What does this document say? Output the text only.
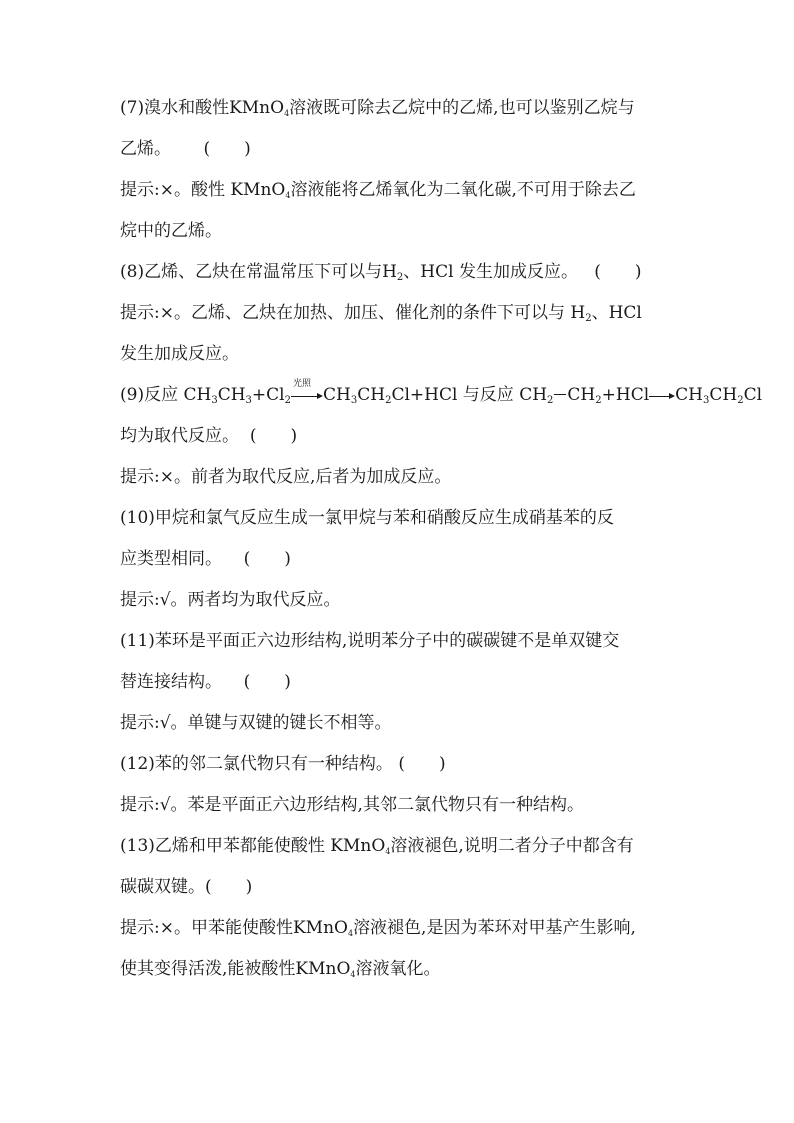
(7)溴水和酸性KMnO4溶液既可除去乙烷中的乙烯,也可以鉴别乙烷与
乙烯。 (　　)
提示:×。酸性 KMnO4溶液能将乙烯氧化为二氧化碳,不可用于除去乙
烷中的乙烯。
(8)乙烯、乙炔在常温常压下可以与$H_2$、HCl 发生加成反应。 (　　)
提示:×。乙烯、乙炔在加热、加压、催化剂的条件下可以与 $H_2$、HCl
发生加成反应。
(9)反应 $CH_3CH_3+Cl_2$
光照
$CH_3CH_2Cl+HCl$ 与反应 $CH_2$ $CH_2+HCl$ $CH_3CH_2Cl$
均为取代反应。 (　　)
提示:×。前者为取代反应,后者为加成反应。
(10)甲烷和氯气反应生成一氯甲烷与苯和硝酸反应生成硝基苯的反
应类型相同。 (　　)
提示:√。两者均为取代反应。
(11)苯环是平面正六边形结构,说明苯分子中的碳碳键不是单双键交
替连接结构。 (　　)
提示:√。单键与双键的键长不相等。
(12)苯的邻二氯代物只有一种结构。 (　　)
提示:√。苯是平面正六边形结构,其邻二氯代物只有一种结构。
(13)乙烯和甲苯都能使酸性 KMnO4溶液褪色,说明二者分子中都含有
碳碳双键。(　　)
提示:×。甲苯能使酸性KMnO4溶液褪色,是因为苯环对甲基产生影响,
使其变得活泼,能被酸性KMnO4溶液氧化。
